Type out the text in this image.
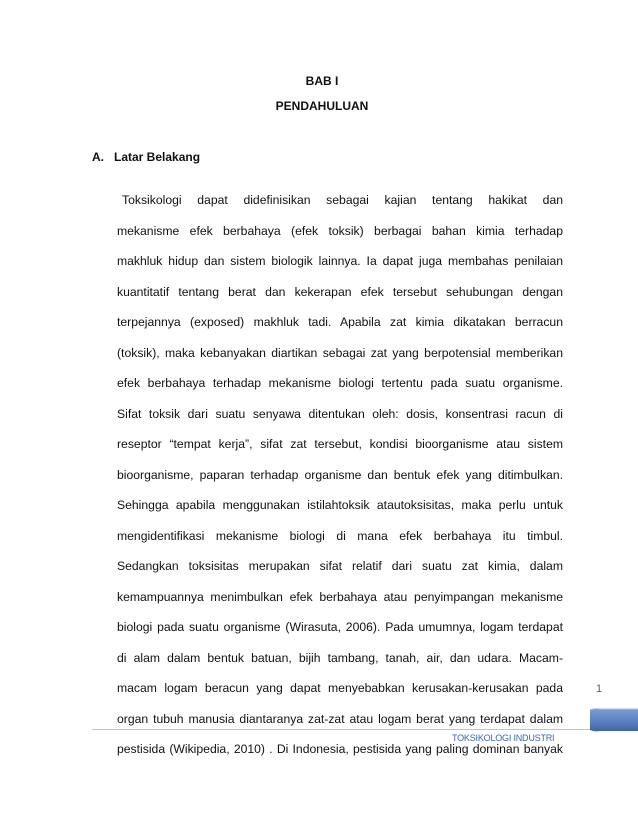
BAB I
PENDAHULUAN
A. Latar Belakang
Toksikologi dapat didefinisikan sebagai kajian tentang hakikat dan
mekanisme efek berbahaya (efek toksik) berbagai bahan kimia terhadap
makhluk hidup dan sistem biologik lainnya. Ia dapat juga membahas penilaian
kuantitatif tentang berat dan kekerapan efek tersebut sehubungan dengan
terpejannya (exposed) makhluk tadi. Apabila zat kimia dikatakan berracun
(toksik), maka kebanyakan diartikan sebagai zat yang berpotensial memberikan
efek berbahaya terhadap mekanisme biologi tertentu pada suatu organisme.
Sifat toksik dari suatu senyawa ditentukan oleh: dosis, konsentrasi racun di
reseptor “tempat kerja”, sifat zat tersebut, kondisi bioorganisme atau sistem
bioorganisme, paparan terhadap organisme dan bentuk efek yang ditimbulkan.
Sehingga apabila menggunakan istilahtoksik atautoksisitas, maka perlu untuk
mengidentifikasi mekanisme biologi di mana efek berbahaya itu timbul.
Sedangkan toksisitas merupakan sifat relatif dari suatu zat kimia, dalam
kemampuannya menimbulkan efek berbahaya atau penyimpangan mekanisme
biologi pada suatu organisme (Wirasuta, 2006). Pada umumnya, logam terdapat
di alam dalam bentuk batuan, bijih tambang, tanah, air, dan udara. Macam-
macam logam beracun yang dapat menyebabkan kerusakan-kerusakan pada
organ tubuh manusia diantaranya zat-zat atau logam berat yang terdapat dalam
pestisida (Wikipedia, 2010) . Di Indonesia, pestisida yang paling dominan banyak
1
TOKSIKOLOGI INDUSTRI
